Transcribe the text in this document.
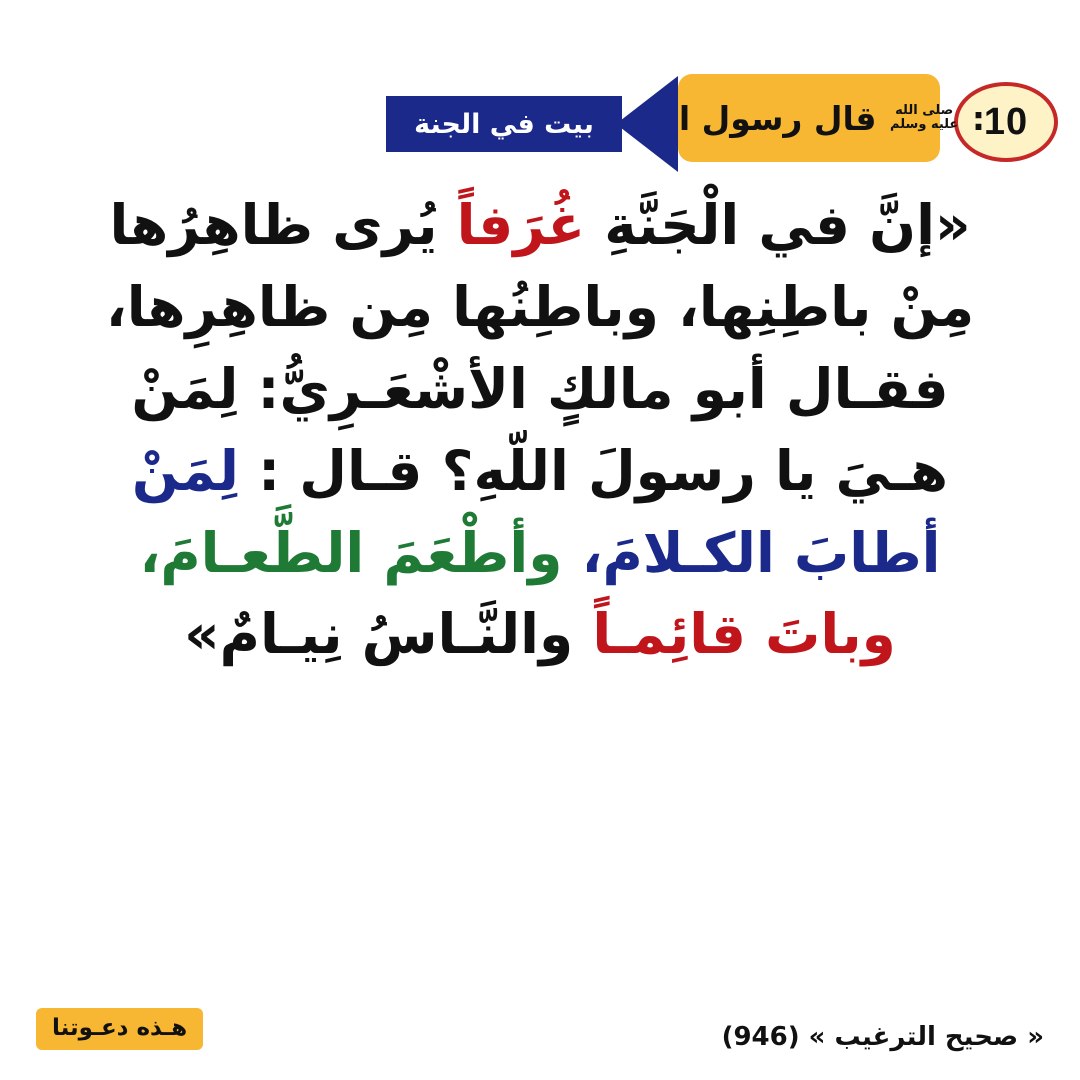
10
:
صلى الله
عليه وسلم
قال رسول اللّه
بيت في الجنة
«إنَّ في الْجَنَّةِ غُرَفاً يُرى ظاهِرُها
مِنْ باطِنِها، وباطِنُها مِن ظاهِرِها،
فقـال أبو مالكٍ الأشْعَـرِيُّ: لِمَنْ
هـيَ يا رسولَ اللّهِ؟ قـال : لِمَنْ
أطابَ الكـلامَ، وأطْعَمَ الطَّعـامَ،
وباتَ قائِمـاً والنَّـاسُ نِيـامٌ»
« صحيح الترغيب » (946)
هـذه دعـوتنا
